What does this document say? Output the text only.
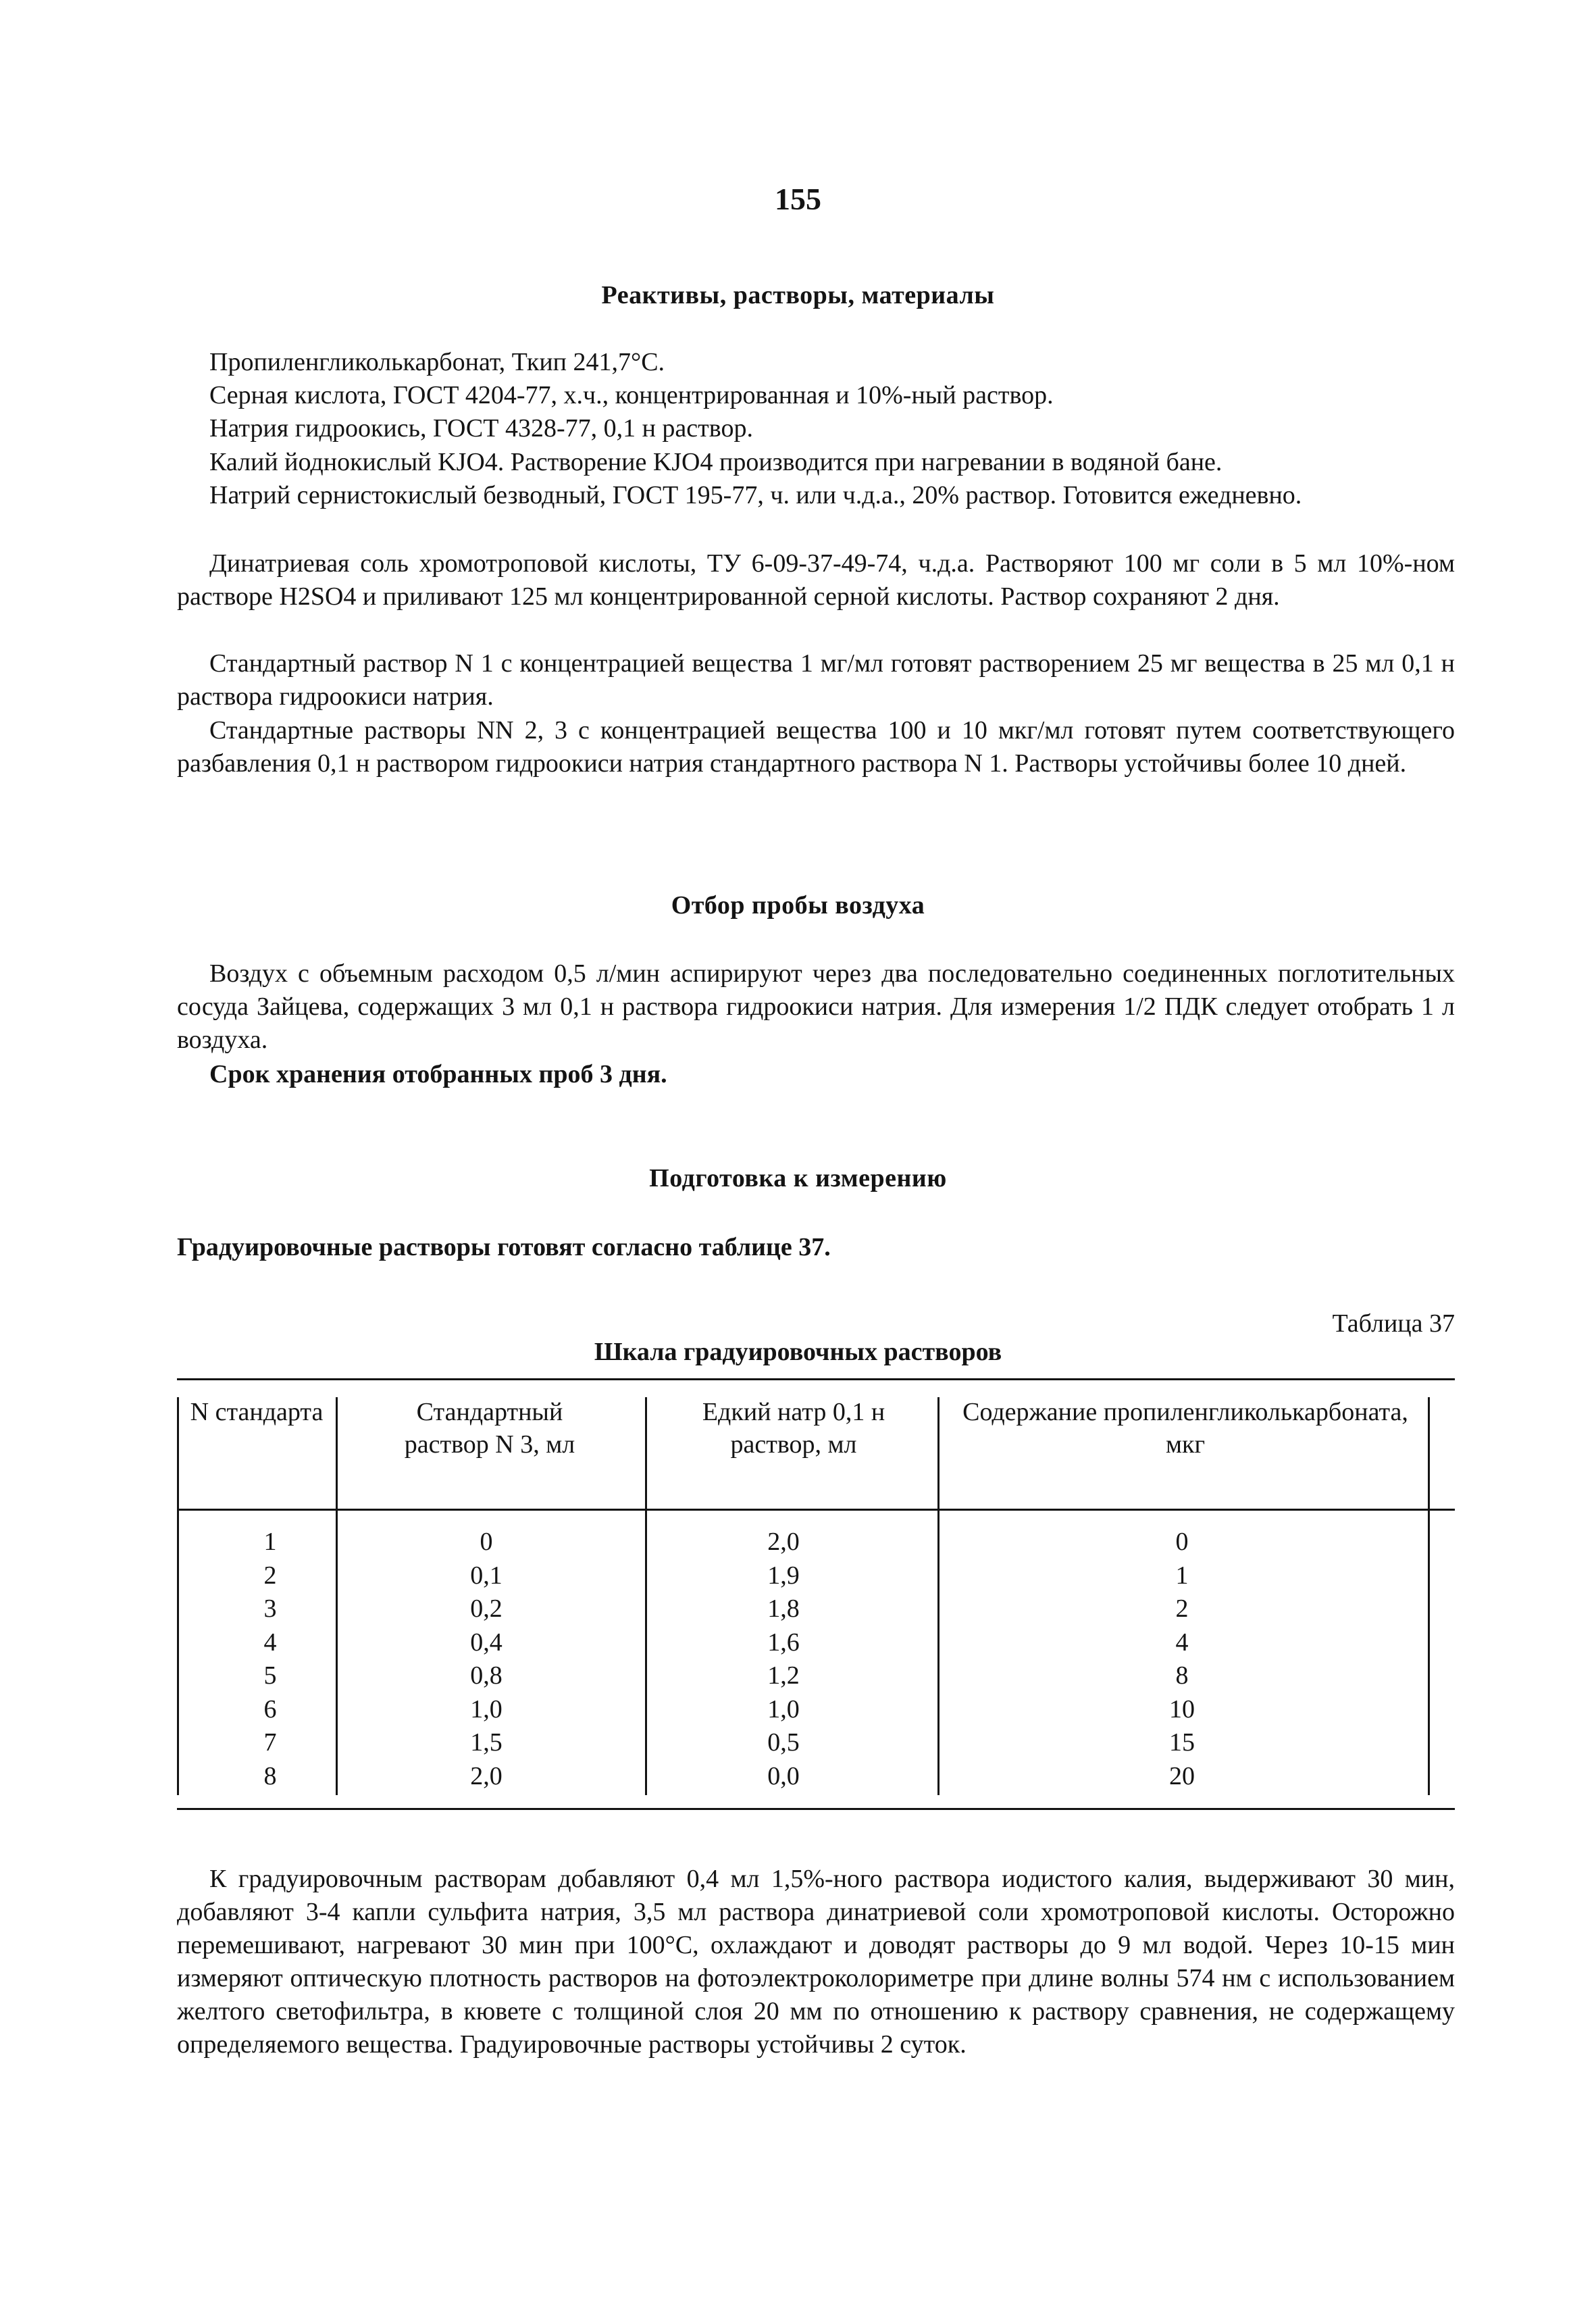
155
Реактивы, растворы, материалы

Пропиленгликолькарбонат, Ткип 241,7°С.

Серная кислота, ГОСТ 4204-77, х.ч., концентрированная и 10%-ный раствор.

Натрия гидроокись, ГОСТ 4328-77, 0,1 н раствор.

Калий йоднокислый KJO4. Растворение KJO4 производится при нагревании в водяной бане.

Натрий сернистокислый безводный, ГОСТ 195-77, ч. или ч.д.а., 20% раствор. Готовится ежедневно.

Динатриевая соль хромотроповой кислоты, ТУ 6-09-37-49-74, ч.д.а. Растворяют 100 мг соли в 5 мл 10%-ном растворе H2SO4 и приливают 125 мл концентрированной серной кислоты. Раствор сохраняют 2 дня.

Стандартный раствор N 1 с концентрацией вещества 1 мг/мл готовят растворением 25 мг вещества в 25 мл 0,1 н раствора гидроокиси натрия.

Стандартные растворы NN 2, 3 с концентрацией вещества 100 и 10 мкг/мл готовят путем соответствующего разбавления 0,1 н раствором гидроокиси натрия стандартного раствора N 1. Растворы устойчивы более 10 дней.

Отбор пробы воздуха

Воздух с объемным расходом 0,5 л/мин аспирируют через два последовательно соединенных поглотительных сосуда Зайцева, содержащих 3 мл 0,1 н раствора гидроокиси натрия. Для измерения 1/2 ПДК следует отобрать 1 л воздуха.

Срок хранения отобранных проб 3 дня.

Подготовка к измерению

Градуировочные растворы готовят согласно таблице 37.

Таблица 37
Шкала градуировочных растворов
N стандарта	Стандартный раствор N 3, мл
Едкий натр 0,1 н раствор, мл
Содержание пропиленгликолькарбоната, мкг
1
2
3
4
5
6
7
8
0
0,1
0,2
0,4
0,8
1,0
1,5
2,0
2,0
1,9
1,8
1,6
1,2
1,0
0,5
0,0
0
1
2
4
8
10
15
20

К градуировочным растворам добавляют 0,4 мл 1,5%-ного раствора иодистого калия, выдерживают 30 мин, добавляют 3-4 капли сульфита натрия, 3,5 мл раствора динатриевой соли хромотроповой кислоты. Осторожно перемешивают, нагревают 30 мин при 100°С, охлаждают и доводят растворы до 9 мл водой. Через 10-15 мин измеряют оптическую плотность растворов на фотоэлектроколориметре при длине волны 574 нм с использованием желтого светофильтра, в кювете с толщиной слоя 20 мм по отношению к раствору сравнения, не содержащему определяемого вещества. Градуировочные растворы устойчивы 2 суток.
